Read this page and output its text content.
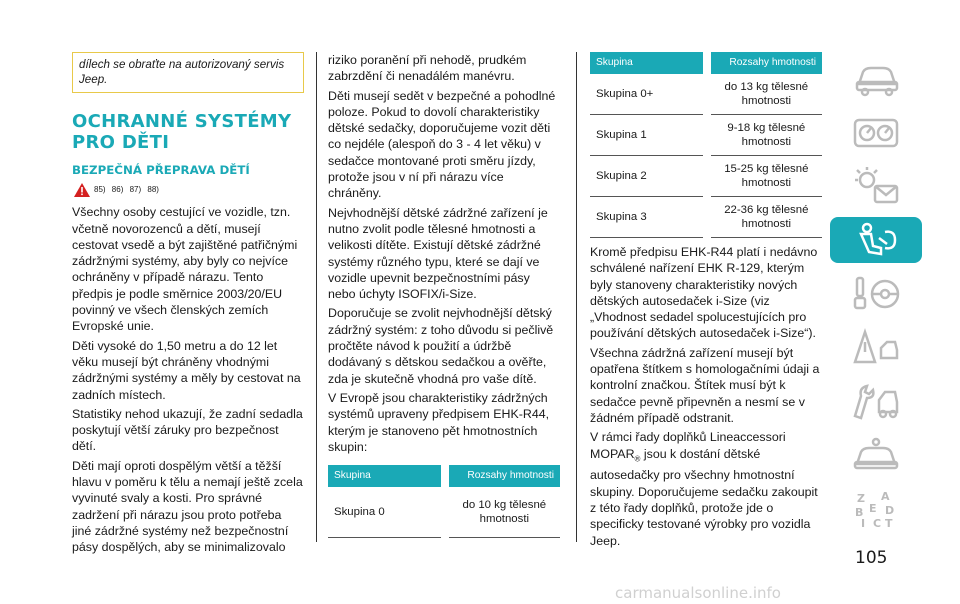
dílech se obraťte na autorizovaný servis Jeep.
OCHRANNÉ SYSTÉMY PRO DĚTI
BEZPEČNÁ PŘEPRAVA DĚTÍ
85) 86) 87) 88)

Všechny osoby cestující ve vozidle, tzn. včetně novorozenců a dětí, musejí cestovat vsedě a být zajištěné patřičnými zádržnými systémy, aby byly co nejvíce ochráněny v případě nárazu. Tento předpis je podle směrnice 2003/20/EU povinný ve všech členských zemích Evropské unie.

Děti vysoké do 1,50 metru a do 12 let věku musejí být chráněny vhodnými zádržnými systémy a měly by cestovat na zadních místech.

Statistiky nehod ukazují, že zadní sedadla poskytují větší záruky pro bezpečnost dětí.

Děti mají oproti dospělým větší a těžší hlavu v poměru k tělu a nemají ještě zcela vyvinuté svaly a kosti. Pro správné zadržení při nárazu jsou proto potřeba jiné zádržné systémy než bezpečnostní pásy dospělých, aby se minimalizovalo

riziko poranění při nehodě, prudkém zabrzdění či nenadálém manévru.

Děti musejí sedět v bezpečné a pohodlné poloze. Pokud to dovolí charakteristiky dětské sedačky, doporučujeme vozit děti co nejdéle (alespoň do 3 - 4 let věku) v sedačce montované proti směru jízdy, protože jsou v ní při nárazu více chráněny.

Nejvhodnější dětské zádržné zařízení je nutno zvolit podle tělesné hmotnosti a velikosti dítěte. Existují dětské zádržné systémy různého typu, které se dají ve vozidle upevnit bezpečnostními pásy nebo úchyty ISOFIX/i-Size.

Doporučuje se zvolit nejvhodnější dětský zádržný systém: z toho důvodu si pečlivě pročtěte návod k použití a údržbě dodávaný s dětskou sedačkou a ověřte, zda je skutečně vhodná pro vaše dítě.

V Evropě jsou charakteristiky zádržných systémů upraveny předpisem EHK-R44, kterým je stanoveno pět hmotnostních skupin:

Skupina		Rozsahy hmotnosti
Skupina 0		do 10 kg tělesné hmotnosti
Skupina		Rozsahy hmotnosti
Skupina 0+		do 13 kg tělesné hmotnosti
Skupina 1		9-18 kg tělesné hmotnosti
Skupina 2		15-25 kg tělesné hmotnosti
Skupina 3		22-36 kg tělesné hmotnosti

Kromě předpisu EHK-R44 platí i nedávno schválené nařízení EHK R-129, kterým byly stanoveny charakteristiky nových dětských autosedaček i-Size (viz „Vhodnost sedadel spolucestujících pro používání dětských autosedaček i-Size“).

Všechna zádržná zařízení musejí být opatřena štítkem s homologačními údaji a kontrolní značkou. Štítek musí být k sedačce pevně připevněn a nesmí se v žádném případě odstranit.

V rámci řady doplňků Lineaccessori $MOPAR_®$ jsou k dostání dětské autosedačky pro všechny hmotnostní skupiny. Doporučujeme sedačku zakoupit z této řady doplňků, protože jde o specificky testované výrobky pro vozidla Jeep.

Z A
E
B D
I C T
105
carmanualsonline.info
